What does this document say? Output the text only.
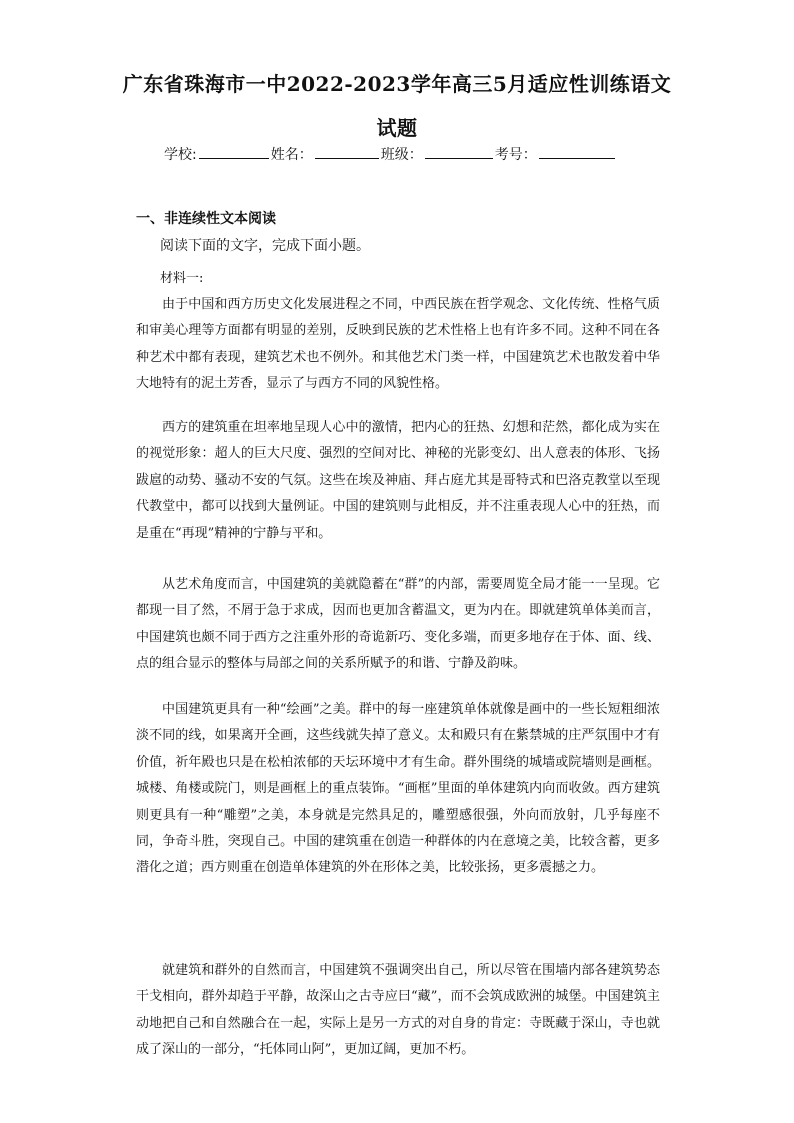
广东省珠海市一中2022-2023学年高三5月适应性训练语文
试题
学校:	姓名：	班级：	考号：
一、非连续性文本阅读
阅读下面的文字，完成下面小题。
材料一:

由于中国和西方历史文化发展进程之不同，中西民族在哲学观念、文化传统、性格气质和审美心理等方面都有明显的差别，反映到民族的艺术性格上也有许多不同。这种不同在各种艺术中都有表现，建筑艺术也不例外。和其他艺术门类一样，中国建筑艺术也散发着中华大地特有的泥土芳香，显示了与西方不同的风貌性格。

西方的建筑重在坦率地呈现人心中的激情，把内心的狂热、幻想和茫然，都化成为实在的视觉形象：超人的巨大尺度、强烈的空间对比、神秘的光影变幻、出人意表的体形、飞扬跋扈的动势、骚动不安的气氛。这些在埃及神庙、拜占庭尤其是哥特式和巴洛克教堂以至现代教堂中，都可以找到大量例证。中国的建筑则与此相反，并不注重表现人心中的狂热，而是重在“再现”精神的宁静与平和。

从艺术角度而言，中国建筑的美就隐蓄在“群”的内部，需要周览全局才能一一呈现。它都现一目了然，不屑于急于求成，因而也更加含蓄温文，更为内在。即就建筑单体美而言，中国建筑也颇不同于西方之注重外形的奇诡新巧、变化多端，而更多地存在于体、面、线、点的组合显示的整体与局部之间的关系所赋予的和谐、宁静及韵味。

中国建筑更具有一种“绘画”之美。群中的每一座建筑单体就像是画中的一些长短粗细浓淡不同的线，如果离开全画，这些线就失掉了意义。太和殿只有在紫禁城的庄严氛围中才有价值，祈年殿也只是在松柏浓郁的天坛环境中才有生命。群外围绕的城墙或院墙则是画框。城楼、角楼或院门，则是画框上的重点装饰。“画框”里面的单体建筑内向而收敛。西方建筑则更具有一种“雕塑”之美，本身就是完然具足的，雕塑感很强，外向而放射，几乎每座不同，争奇斗胜，突现自己。中国的建筑重在创造一种群体的内在意境之美，比较含蓄，更多潜化之道；西方则重在创造单体建筑的外在形体之美，比较张扬，更多震撼之力。

就建筑和群外的自然而言，中国建筑不强调突出自己，所以尽管在围墙内部各建筑势态干戈相向，群外却趋于平静，故深山之古寺应曰“藏”，而不会筑成欧洲的城堡。中国建筑主动地把自己和自然融合在一起，实际上是另一方式的对自身的肯定：寺既藏于深山，寺也就成了深山的一部分，“托体同山阿”，更加辽阔，更加不朽。
